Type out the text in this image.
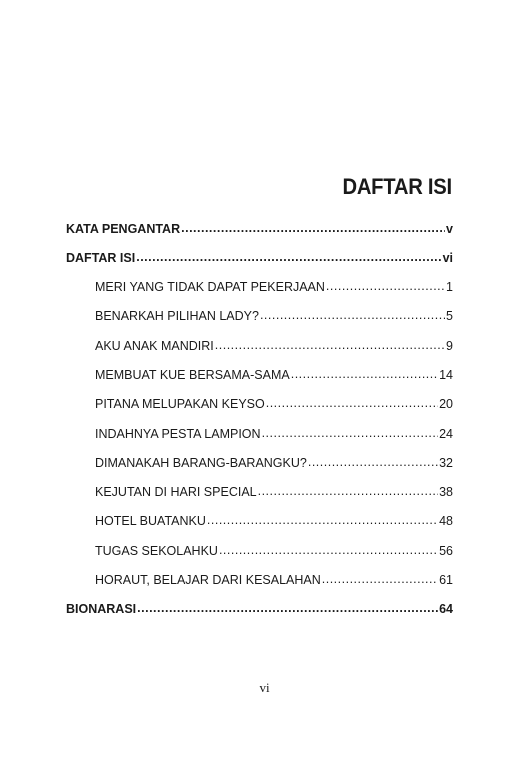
DAFTAR ISI
KATA PENGANTAR .....	v
DAFTAR ISI .....	vi
MERI YANG TIDAK DAPAT PEKERJAAN .....	1
BENARKAH PILIHAN LADY? .....	5
AKU ANAK MANDIRI .....	9
MEMBUAT KUE BERSAMA-SAMA .....	14
PITANA MELUPAKAN KEYSO .....	20
INDAHNYA PESTA LAMPION .....	24
DIMANAKAH BARANG-BARANGKU? .....	32
KEJUTAN DI HARI SPECIAL .....	38
HOTEL BUATANKU .....	48
TUGAS SEKOLAHKU .....	56
HORAUT, BELAJAR DARI KESALAHAN .....	61
BIONARASI .....	64
vi
